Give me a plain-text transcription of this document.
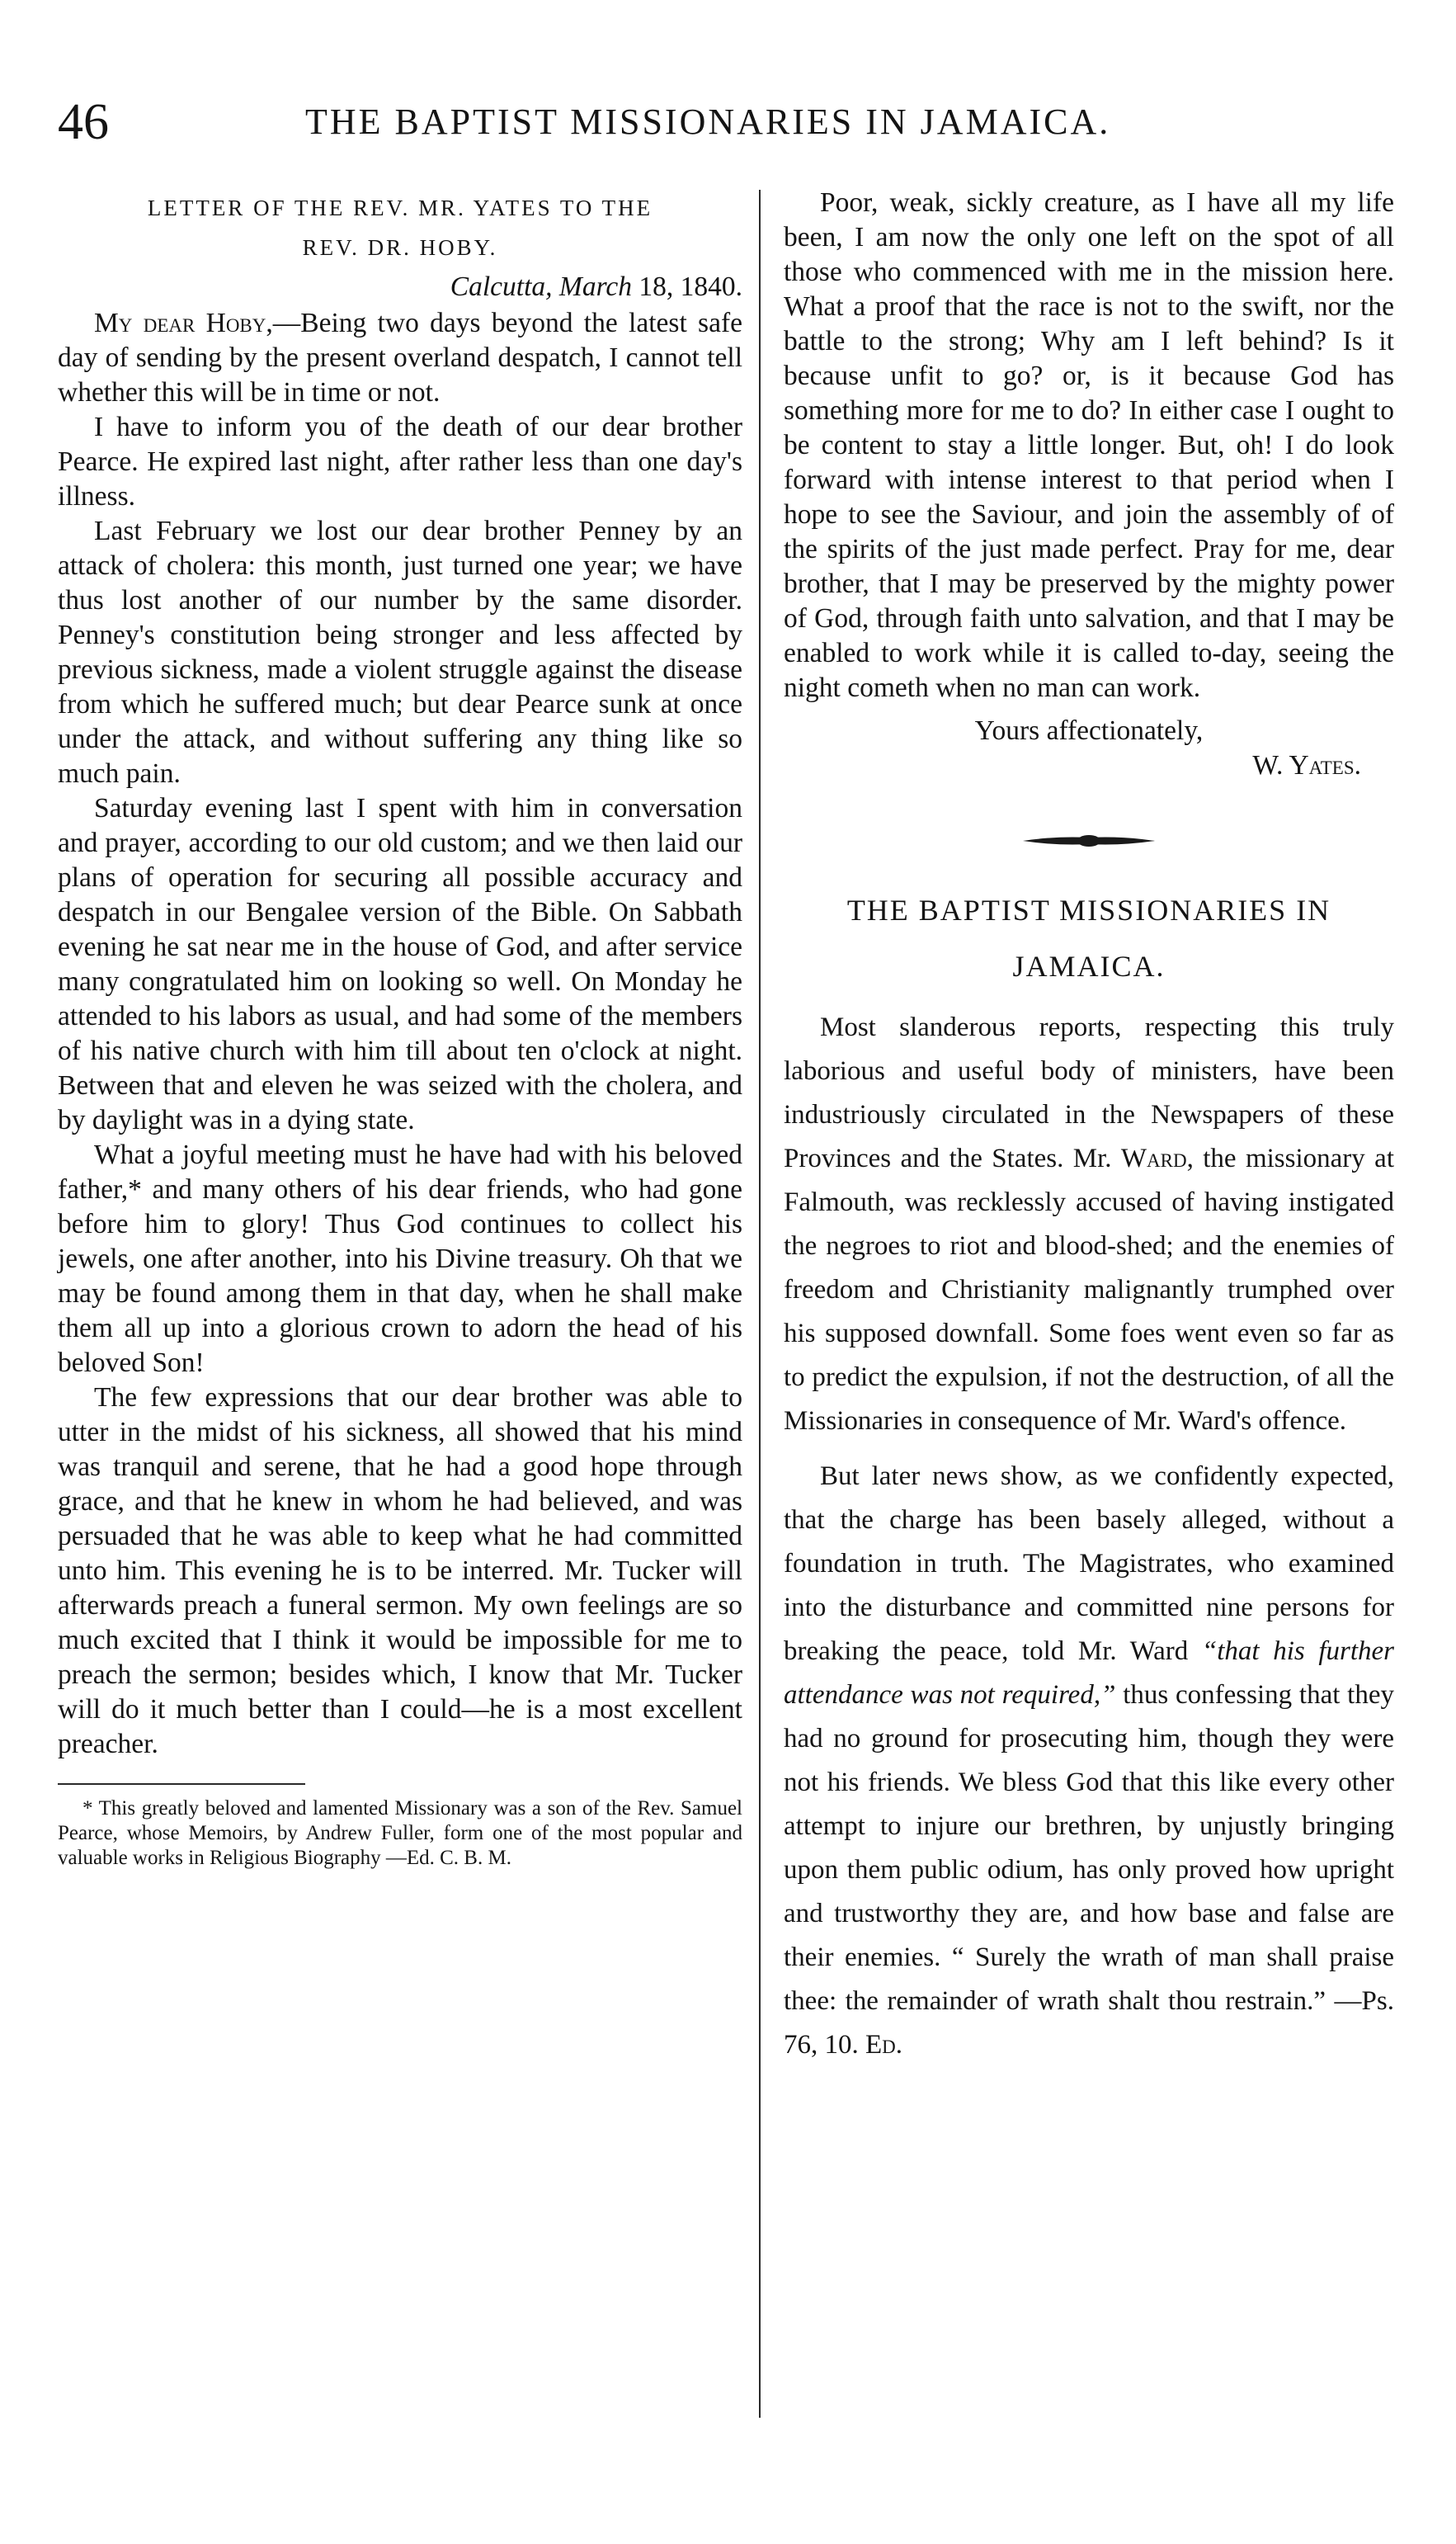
46	THE BAPTIST MISSIONARIES IN JAMAICA.
LETTER OF THE REV. MR. YATES TO THE
REV. DR. HOBY.
Calcutta, March 18, 1840.

My dear Hoby,—Being two days beyond the latest safe day of sending by the present overland despatch, I cannot tell whether this will be in time or not.

I have to inform you of the death of our dear brother Pearce. He expired last night, after rather less than one day's illness.

Last February we lost our dear brother Penney by an attack of cholera: this month, just turned one year; we have thus lost another of our number by the same disorder. Penney's constitution being stronger and less affected by previous sickness, made a violent struggle against the disease from which he suffered much; but dear Pearce sunk at once under the attack, and without suffering any thing like so much pain.

Saturday evening last I spent with him in conversation and prayer, according to our old custom; and we then laid our plans of operation for securing all possible accuracy and despatch in our Bengalee version of the Bible. On Sabbath evening he sat near me in the house of God, and after service many congratulated him on looking so well. On Monday he attended to his labors as usual, and had some of the members of his native church with him till about ten o'clock at night. Between that and eleven he was seized with the cholera, and by daylight was in a dying state.

What a joyful meeting must he have had with his beloved father,* and many others of his dear friends, who had gone before him to glory! Thus God continues to collect his jewels, one after another, into his Divine treasury. Oh that we may be found among them in that day, when he shall make them all up into a glorious crown to adorn the head of his beloved Son!

The few expressions that our dear brother was able to utter in the midst of his sickness, all showed that his mind was tranquil and serene, that he had a good hope through grace, and that he knew in whom he had believed, and was persuaded that he was able to keep what he had committed unto him. This evening he is to be interred. Mr. Tucker will afterwards preach a funeral sermon. My own feelings are so much excited that I think it would be impossible for me to preach the sermon; besides which, I know that Mr. Tucker will do it much better than I could—he is a most excellent preacher.

* This greatly beloved and lamented Missionary was a son of the Rev. Samuel Pearce, whose Memoirs, by Andrew Fuller, form one of the most popular and valuable works in Religious Biography —Ed. C. B. M.

Poor, weak, sickly creature, as I have all my life been, I am now the only one left on the spot of all those who commenced with me in the mission here. What a proof that the race is not to the swift, nor the battle to the strong; Why am I left behind? Is it because unfit to go? or, is it because God has something more for me to do? In either case I ought to be content to stay a little longer. But, oh! I do look forward with intense interest to that period when I hope to see the Saviour, and join the assembly of of the spirits of the just made perfect. Pray for me, dear brother, that I may be preserved by the mighty power of God, through faith unto salvation, and that I may be enabled to work while it is called to-day, seeing the night cometh when no man can work.

Yours affectionately,

W. Yates.

THE BAPTIST MISSIONARIES IN
JAMAICA.

Most slanderous reports, respecting this truly laborious and useful body of ministers, have been industriously circulated in the Newspapers of these Provinces and the States. Mr. Ward, the missionary at Falmouth, was recklessly accused of having instigated the negroes to riot and blood-shed; and the enemies of freedom and Christianity malignantly trumphed over his supposed downfall. Some foes went even so far as to predict the expulsion, if not the destruction, of all the Missionaries in consequence of Mr. Ward's offence.

But later news show, as we confidently expected, that the charge has been basely alleged, without a foundation in truth. The Magistrates, who examined into the disturbance and committed nine persons for breaking the peace, told Mr. Ward “that his further attendance was not required,” thus confessing that they had no ground for prosecuting him, though they were not his friends. We bless God that this like every other attempt to injure our brethren, by unjustly bringing upon them public odium, has only proved how upright and trustworthy they are, and how base and false are their enemies. “ Surely the wrath of man shall praise thee: the remainder of wrath shalt thou restrain.” —Ps. 76, 10. Ed.
